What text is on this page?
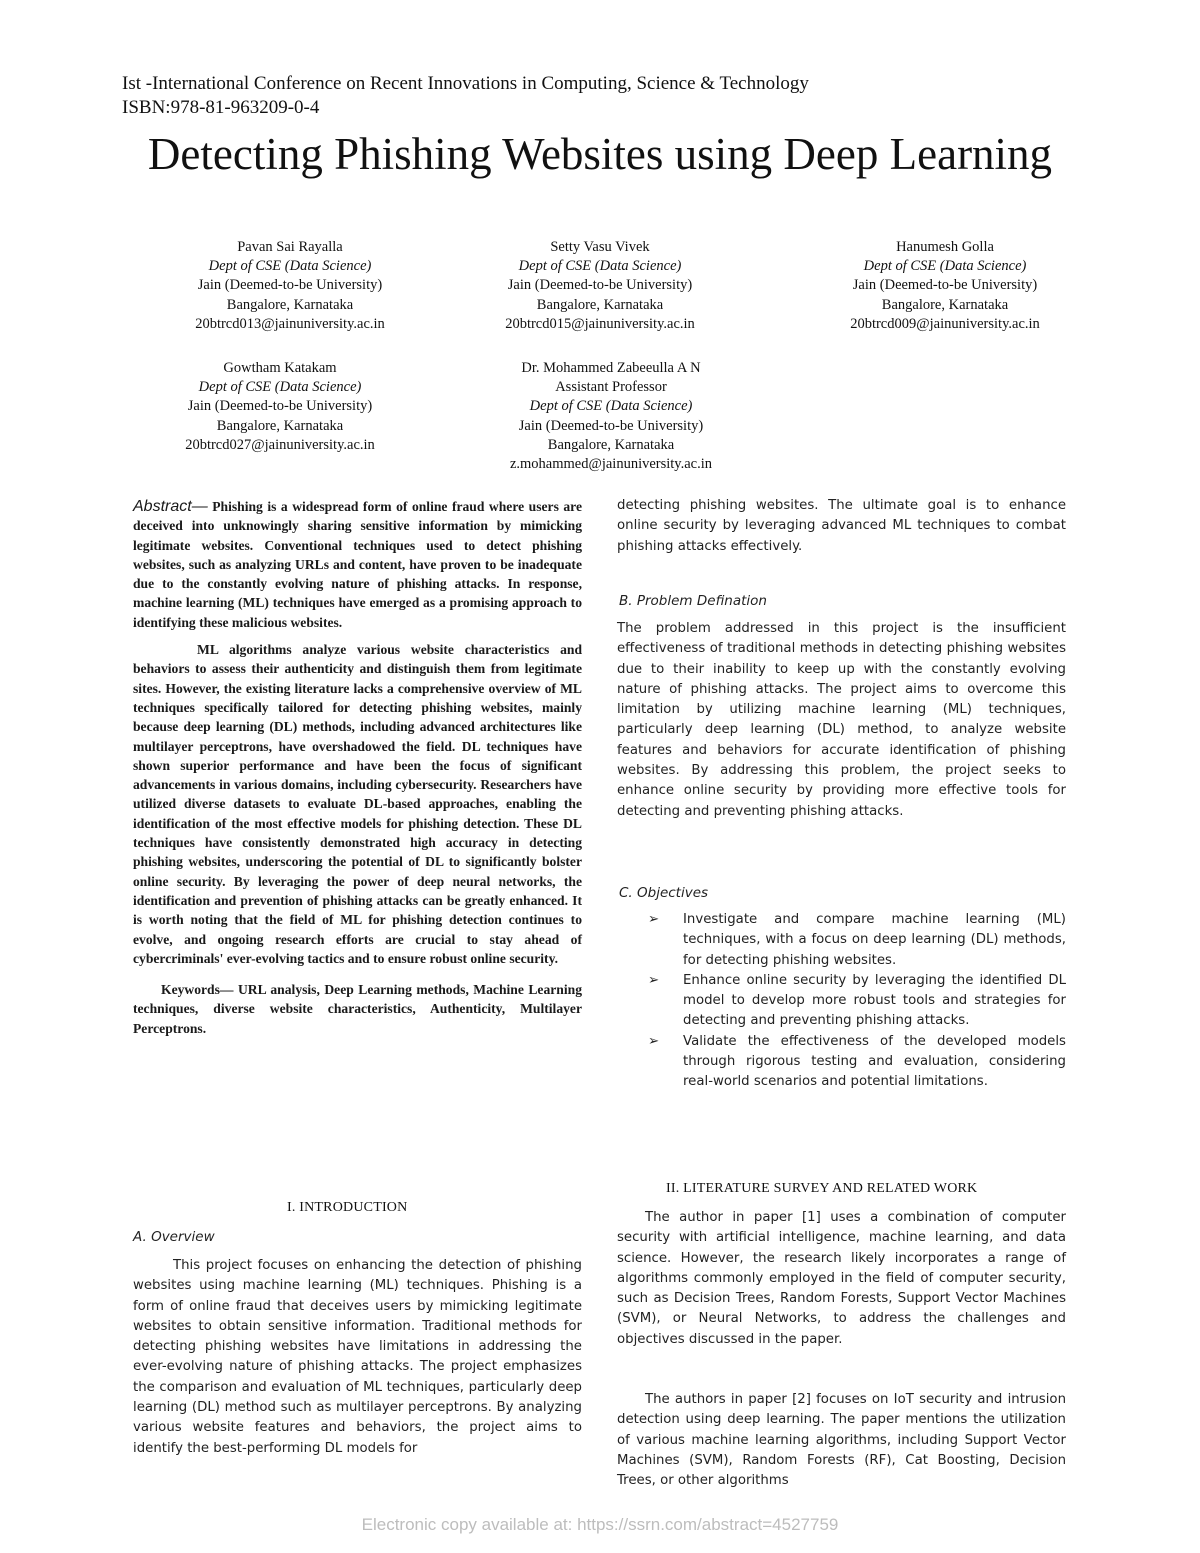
Ist -International Conference on Recent Innovations in Computing, Science & Technology
ISBN:978-81-963209-0-4
Detecting Phishing Websites using Deep Learning
Pavan Sai Rayalla
Dept of CSE (Data Science)
Jain (Deemed-to-be University)
Bangalore, Karnataka
20btrcd013@jainuniversity.ac.in
Setty Vasu Vivek
Dept of CSE (Data Science)
Jain (Deemed-to-be University)
Bangalore, Karnataka
20btrcd015@jainuniversity.ac.in
Hanumesh Golla
Dept of CSE (Data Science)
Jain (Deemed-to-be University)
Bangalore, Karnataka
20btrcd009@jainuniversity.ac.in
Gowtham Katakam
Dept of CSE (Data Science)
Jain (Deemed-to-be University)
Bangalore, Karnataka
20btrcd027@jainuniversity.ac.in
Dr. Mohammed Zabeeulla A N
Assistant Professor
Dept of CSE (Data Science)
Jain (Deemed-to-be University)
Bangalore, Karnataka
z.mohammed@jainuniversity.ac.in

Abstract— Phishing is a widespread form of online fraud where users are deceived into unknowingly sharing sensitive information by mimicking legitimate websites. Conventional techniques used to detect phishing websites, such as analyzing URLs and content, have proven to be inadequate due to the constantly evolving nature of phishing attacks. In response, machine learning (ML) techniques have emerged as a promising approach to identifying these malicious websites.

ML algorithms analyze various website characteristics and behaviors to assess their authenticity and distinguish them from legitimate sites. However, the existing literature lacks a comprehensive overview of ML techniques specifically tailored for detecting phishing websites, mainly because deep learning (DL) methods, including advanced architectures like multilayer perceptrons, have overshadowed the field. DL techniques have shown superior performance and have been the focus of significant advancements in various domains, including cybersecurity. Researchers have utilized diverse datasets to evaluate DL-based approaches, enabling the identification of the most effective models for phishing detection. These DL techniques have consistently demonstrated high accuracy in detecting phishing websites, underscoring the potential of DL to significantly bolster online security. By leveraging the power of deep neural networks, the identification and prevention of phishing attacks can be greatly enhanced. It is worth noting that the field of ML for phishing detection continues to evolve, and ongoing research efforts are crucial to stay ahead of cybercriminals' ever-evolving tactics and to ensure robust online security.

Keywords— URL analysis, Deep Learning methods, Machine Learning techniques, diverse website characteristics, Authenticity, Multilayer Perceptrons.

I. INTRODUCTION
A. Overview

This project focuses on enhancing the detection of phishing websites using machine learning (ML) techniques. Phishing is a form of online fraud that deceives users by mimicking legitimate websites to obtain sensitive information. Traditional methods for detecting phishing websites have limitations in addressing the ever-evolving nature of phishing attacks. The project emphasizes the comparison and evaluation of ML techniques, particularly deep learning (DL) method such as multilayer perceptrons. By analyzing various website features and behaviors, the project aims to identify the best-performing DL models for

detecting phishing websites. The ultimate goal is to enhance online security by leveraging advanced ML techniques to combat phishing attacks effectively.

B. Problem Defination

The problem addressed in this project is the insufficient effectiveness of traditional methods in detecting phishing websites due to their inability to keep up with the constantly evolving nature of phishing attacks. The project aims to overcome this limitation by utilizing machine learning (ML) techniques, particularly deep learning (DL) method, to analyze website features and behaviors for accurate identification of phishing websites. By addressing this problem, the project seeks to enhance online security by providing more effective tools for detecting and preventing phishing attacks.

C. Objectives
➢ Investigate and compare machine learning (ML) techniques, with a focus on deep learning (DL) methods, for detecting phishing websites.
➢ Enhance online security by leveraging the identified DL model to develop more robust tools and strategies for detecting and preventing phishing attacks.
➢ Validate the effectiveness of the developed models through rigorous testing and evaluation, considering real-world scenarios and potential limitations.
II. LITERATURE SURVEY AND RELATED WORK

The author in paper [1] uses a combination of computer security with artificial intelligence, machine learning, and data science. However, the research likely incorporates a range of algorithms commonly employed in the field of computer security, such as Decision Trees, Random Forests, Support Vector Machines (SVM), or Neural Networks, to address the challenges and objectives discussed in the paper.

The authors in paper [2] focuses on IoT security and intrusion detection using deep learning. The paper mentions the utilization of various machine learning algorithms, including Support Vector Machines (SVM), Random Forests (RF), Cat Boosting, Decision Trees, or other algorithms

Electronic copy available at: https://ssrn.com/abstract=4527759
